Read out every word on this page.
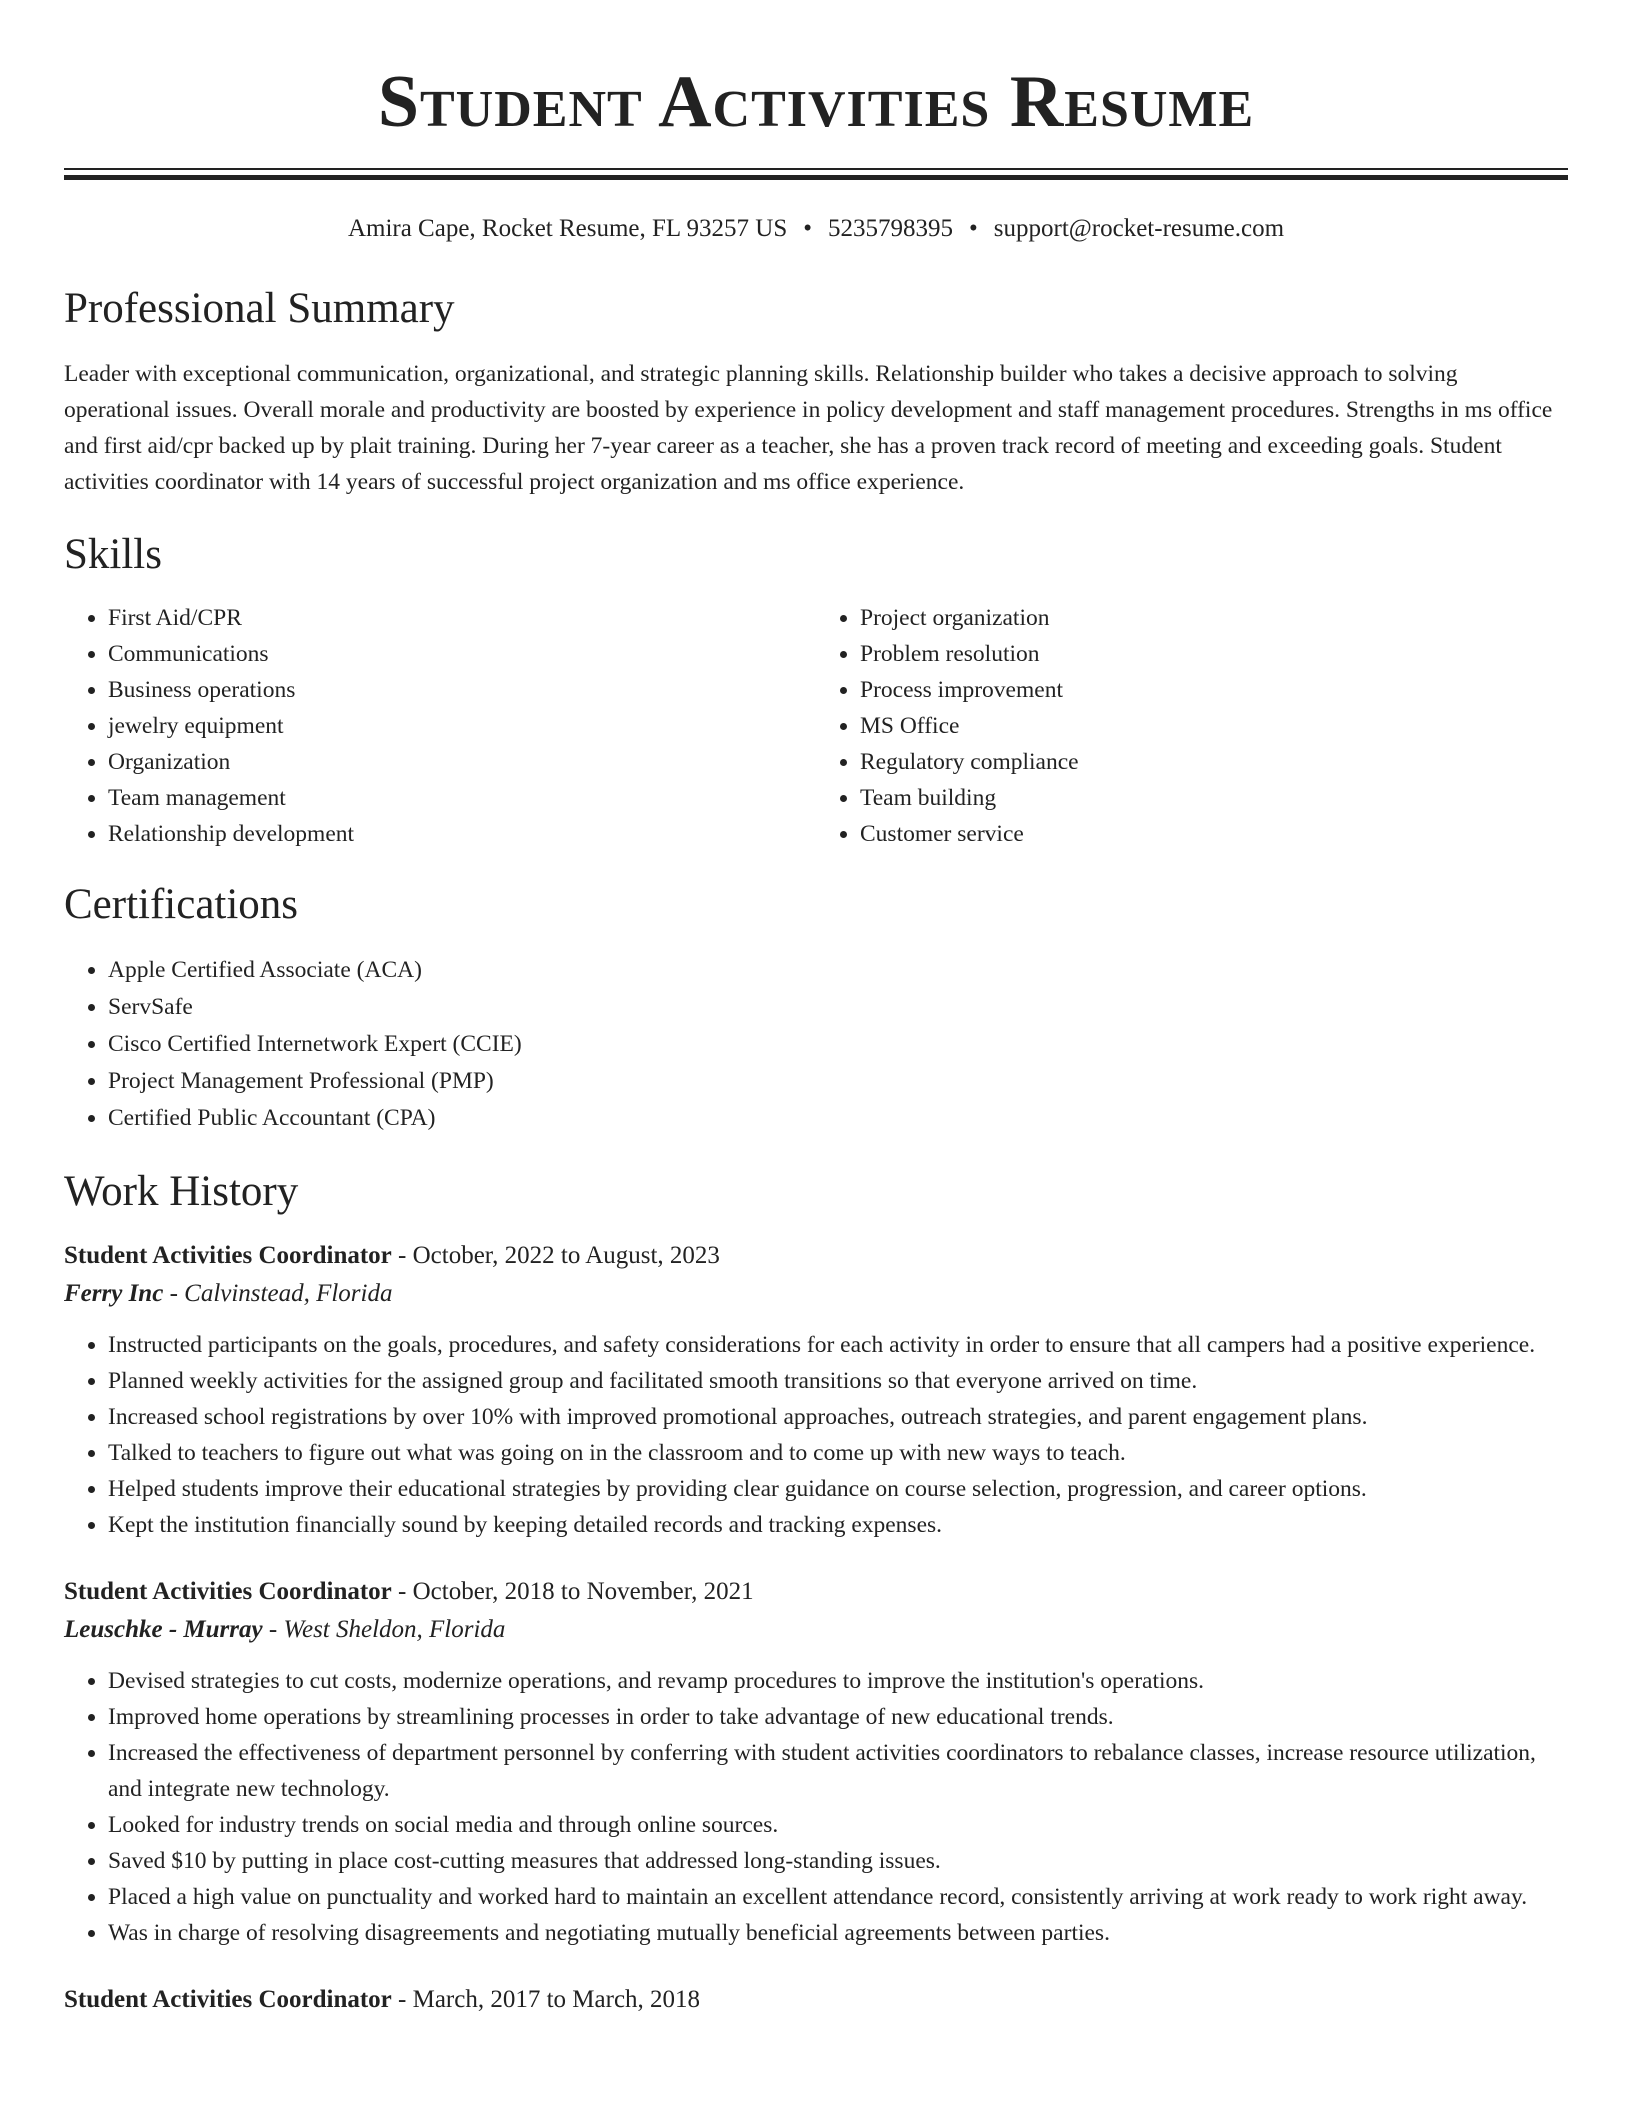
Student Activities Resume
Amira Cape, Rocket Resume, FL 93257 US • 5235798395 • support@rocket-resume.com
Professional Summary
Leader with exceptional communication, organizational, and strategic planning skills. Relationship builder who takes a decisive approach to solving operational issues. Overall morale and productivity are boosted by experience in policy development and staff management procedures. Strengths in ms office and first aid/cpr backed up by plait training. During her 7-year career as a teacher, she has a proven track record of meeting and exceeding goals. Student activities coordinator with 14 years of successful project organization and ms office experience.
Skills
• First Aid/CPR
• Communications
• Business operations
• jewelry equipment
• Organization
• Team management
• Relationship development
• Project organization
• Problem resolution
• Process improvement
• MS Office
• Regulatory compliance
• Team building
• Customer service
Certifications
• Apple Certified Associate (ACA)
• ServSafe
• Cisco Certified Internetwork Expert (CCIE)
• Project Management Professional (PMP)
• Certified Public Accountant (CPA)
Work History
Student Activities Coordinator - October, 2022 to August, 2023
Ferry Inc - Calvinstead, Florida
• Instructed participants on the goals, procedures, and safety considerations for each activity in order to ensure that all campers had a positive experience.
• Planned weekly activities for the assigned group and facilitated smooth transitions so that everyone arrived on time.
• Increased school registrations by over 10% with improved promotional approaches, outreach strategies, and parent engagement plans.
• Talked to teachers to figure out what was going on in the classroom and to come up with new ways to teach.
• Helped students improve their educational strategies by providing clear guidance on course selection, progression, and career options.
• Kept the institution financially sound by keeping detailed records and tracking expenses.
Student Activities Coordinator - October, 2018 to November, 2021
Leuschke - Murray - West Sheldon, Florida
• Devised strategies to cut costs, modernize operations, and revamp procedures to improve the institution's operations.
• Improved home operations by streamlining processes in order to take advantage of new educational trends.
• Increased the effectiveness of department personnel by conferring with student activities coordinators to rebalance classes, increase resource utilization, and integrate new technology.
• Looked for industry trends on social media and through online sources.
• Saved $10 by putting in place cost-cutting measures that addressed long-standing issues.
• Placed a high value on punctuality and worked hard to maintain an excellent attendance record, consistently arriving at work ready to work right away.
• Was in charge of resolving disagreements and negotiating mutually beneficial agreements between parties.
Student Activities Coordinator - March, 2017 to March, 2018
